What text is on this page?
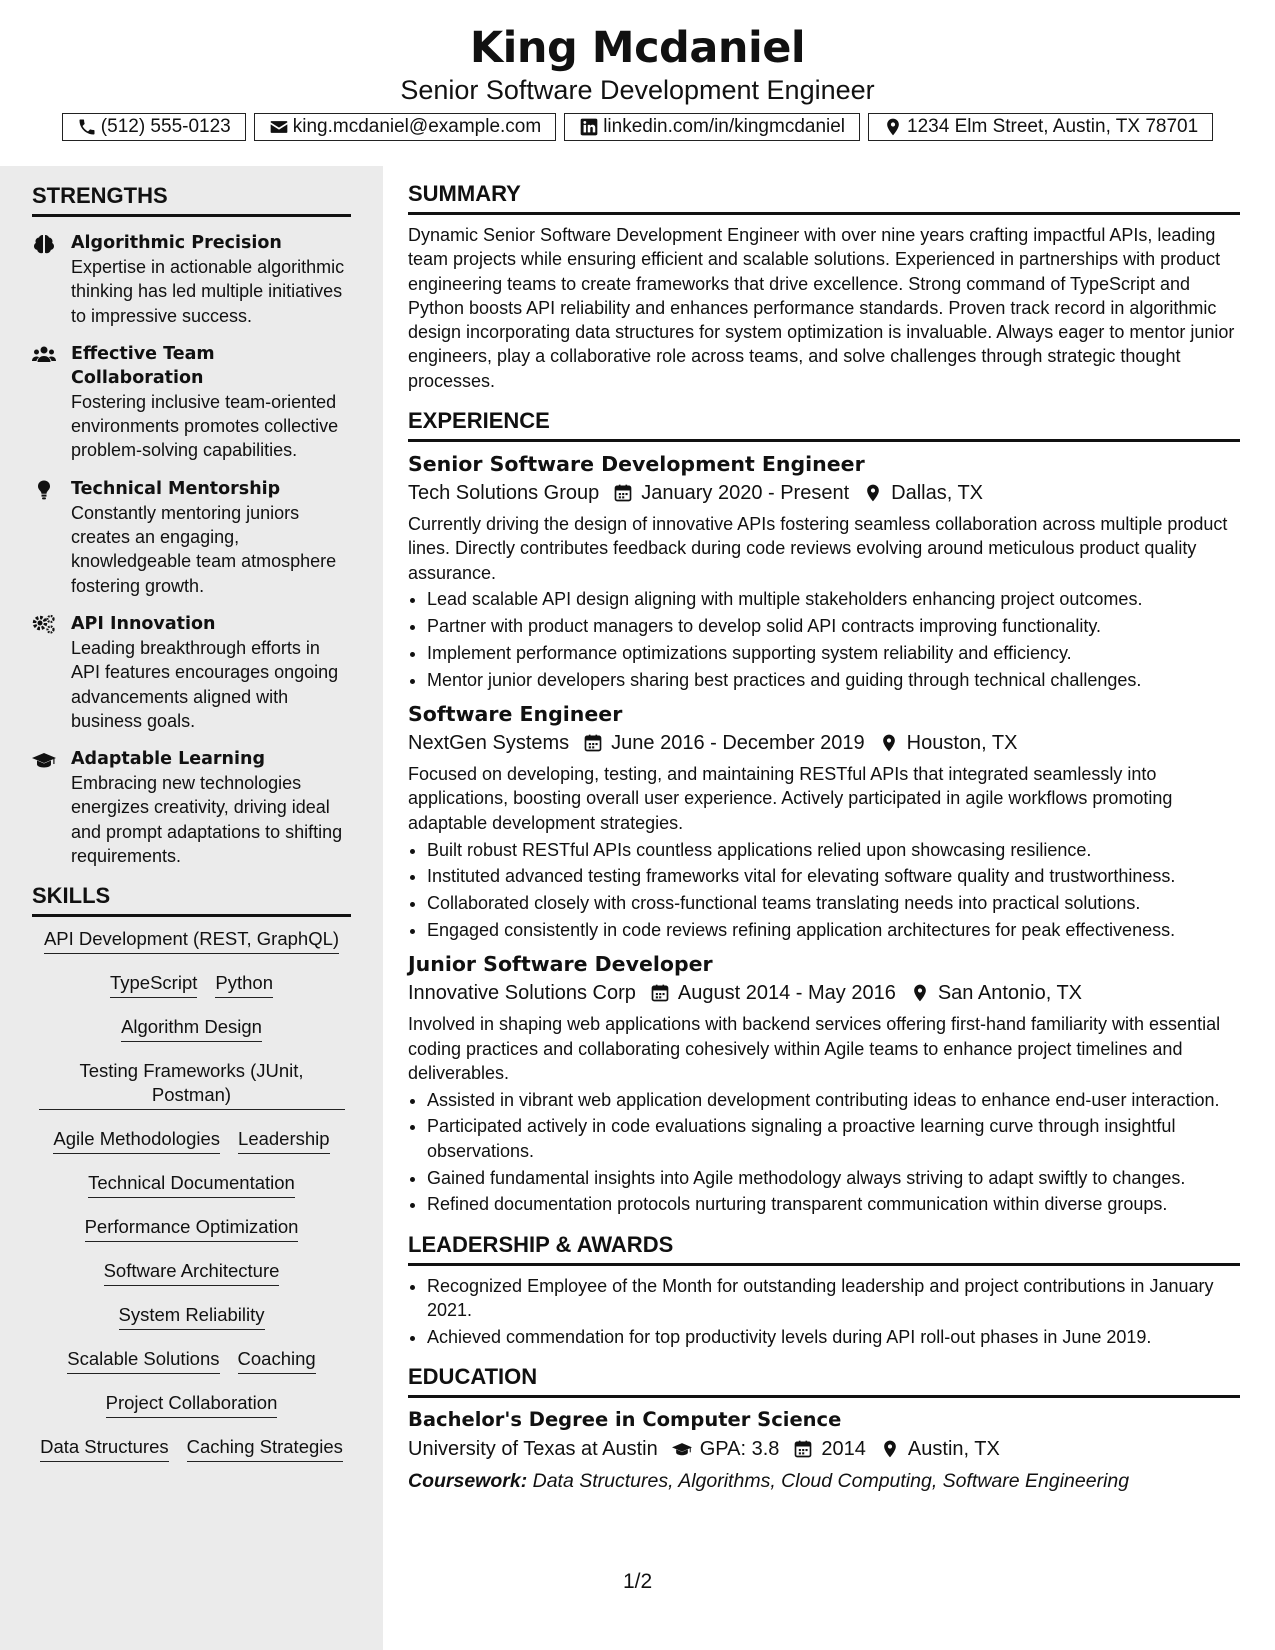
King Mcdaniel
Senior Software Development Engineer
(512) 555-0123	king.mcdaniel@example.com	linkedin.com/in/kingmcdaniel	1234 Elm Street, Austin, TX 78701
STRENGTHS
Algorithmic Precision
Expertise in actionable algorithmic thinking has led multiple initiatives to impressive success.
Effective Team Collaboration
Fostering inclusive team-oriented environments promotes collective problem-solving capabilities.
Technical Mentorship
Constantly mentoring juniors creates an engaging, knowledgeable team atmosphere fostering growth.
API Innovation
Leading breakthrough efforts in API features encourages ongoing advancements aligned with business goals.
Adaptable Learning
Embracing new technologies energizes creativity, driving ideal and prompt adaptations to shifting requirements.
SKILLS
API Development (REST, GraphQL)
TypeScript Python
Algorithm Design
Testing Frameworks (JUnit, Postman)
Agile Methodologies Leadership
Technical Documentation
Performance Optimization
Software Architecture
System Reliability
Scalable Solutions Coaching
Project Collaboration
Data Structures Caching Strategies
SUMMARY
Dynamic Senior Software Development Engineer with over nine years crafting impactful APIs, leading team projects while ensuring efficient and scalable solutions. Experienced in partnerships with product engineering teams to create frameworks that drive excellence. Strong command of TypeScript and Python boosts API reliability and enhances performance standards. Proven track record in algorithmic design incorporating data structures for system optimization is invaluable. Always eager to mentor junior engineers, play a collaborative role across teams, and solve challenges through strategic thought processes.
EXPERIENCE
Senior Software Development Engineer
Tech Solutions Group January 2020 - Present Dallas, TX
Currently driving the design of innovative APIs fostering seamless collaboration across multiple product lines. Directly contributes feedback during code reviews evolving around meticulous product quality assurance.
• Lead scalable API design aligning with multiple stakeholders enhancing project outcomes.
• Partner with product managers to develop solid API contracts improving functionality.
• Implement performance optimizations supporting system reliability and efficiency.
• Mentor junior developers sharing best practices and guiding through technical challenges.
Software Engineer
NextGen Systems June 2016 - December 2019 Houston, TX
Focused on developing, testing, and maintaining RESTful APIs that integrated seamlessly into applications, boosting overall user experience. Actively participated in agile workflows promoting adaptable development strategies.
• Built robust RESTful APIs countless applications relied upon showcasing resilience.
• Instituted advanced testing frameworks vital for elevating software quality and trustworthiness.
• Collaborated closely with cross-functional teams translating needs into practical solutions.
• Engaged consistently in code reviews refining application architectures for peak effectiveness.
Junior Software Developer
Innovative Solutions Corp August 2014 - May 2016 San Antonio, TX
Involved in shaping web applications with backend services offering first-hand familiarity with essential coding practices and collaborating cohesively within Agile teams to enhance project timelines and deliverables.
• Assisted in vibrant web application development contributing ideas to enhance end-user interaction.
• Participated actively in code evaluations signaling a proactive learning curve through insightful observations.
• Gained fundamental insights into Agile methodology always striving to adapt swiftly to changes.
• Refined documentation protocols nurturing transparent communication within diverse groups.
LEADERSHIP & AWARDS
• Recognized Employee of the Month for outstanding leadership and project contributions in January 2021.
• Achieved commendation for top productivity levels during API roll-out phases in June 2019.
EDUCATION
Bachelor's Degree in Computer Science
University of Texas at Austin GPA: 3.8 2014 Austin, TX
Coursework: Data Structures, Algorithms, Cloud Computing, Software Engineering
1/2
